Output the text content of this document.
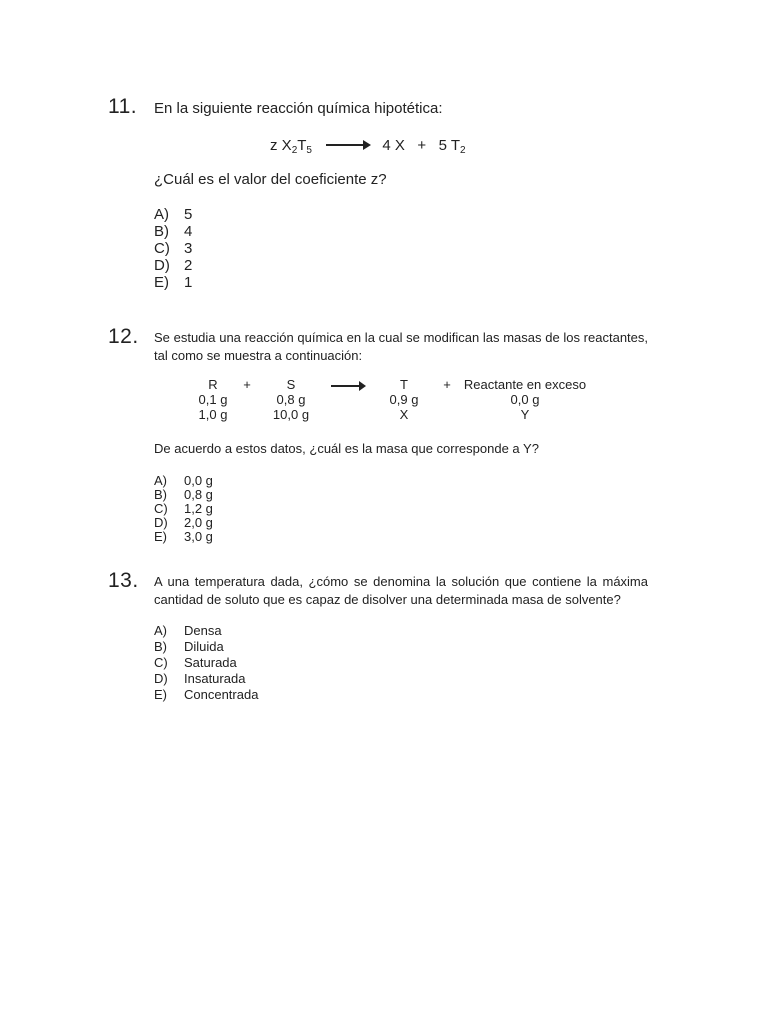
11. En la siguiente reacción química hipotética:

z $X_2T_5 \to 4$ X + 5 $T_2$

¿Cuál es el valor del coeficiente z?

A)	5
B)	4
C) 3
D) 2
E)	1
12. Se estudia una reacción química en la cual se modifican las masas de los reactantes, tal como se muestra a continuación:

R	+	S		T	+	Reactante en exceso
0,1 g		0,8 g		0,9 g		0,0 g
1,0 g		10,0 g		X		Y

De acuerdo a estos datos, ¿cuál es la masa que corresponde a Y?

A)	0,0 g
B)	0,8 g
C)	1,2 g
D)	2,0 g
E)	3,0 g
13. A una temperatura dada, ¿cómo se denomina la solución que contiene la máxima cantidad de soluto que es capaz de disolver una determinada masa de solvente?

A)	Densa
B)	Diluida
C)	Saturada
D)	Insaturada
E)	Concentrada
